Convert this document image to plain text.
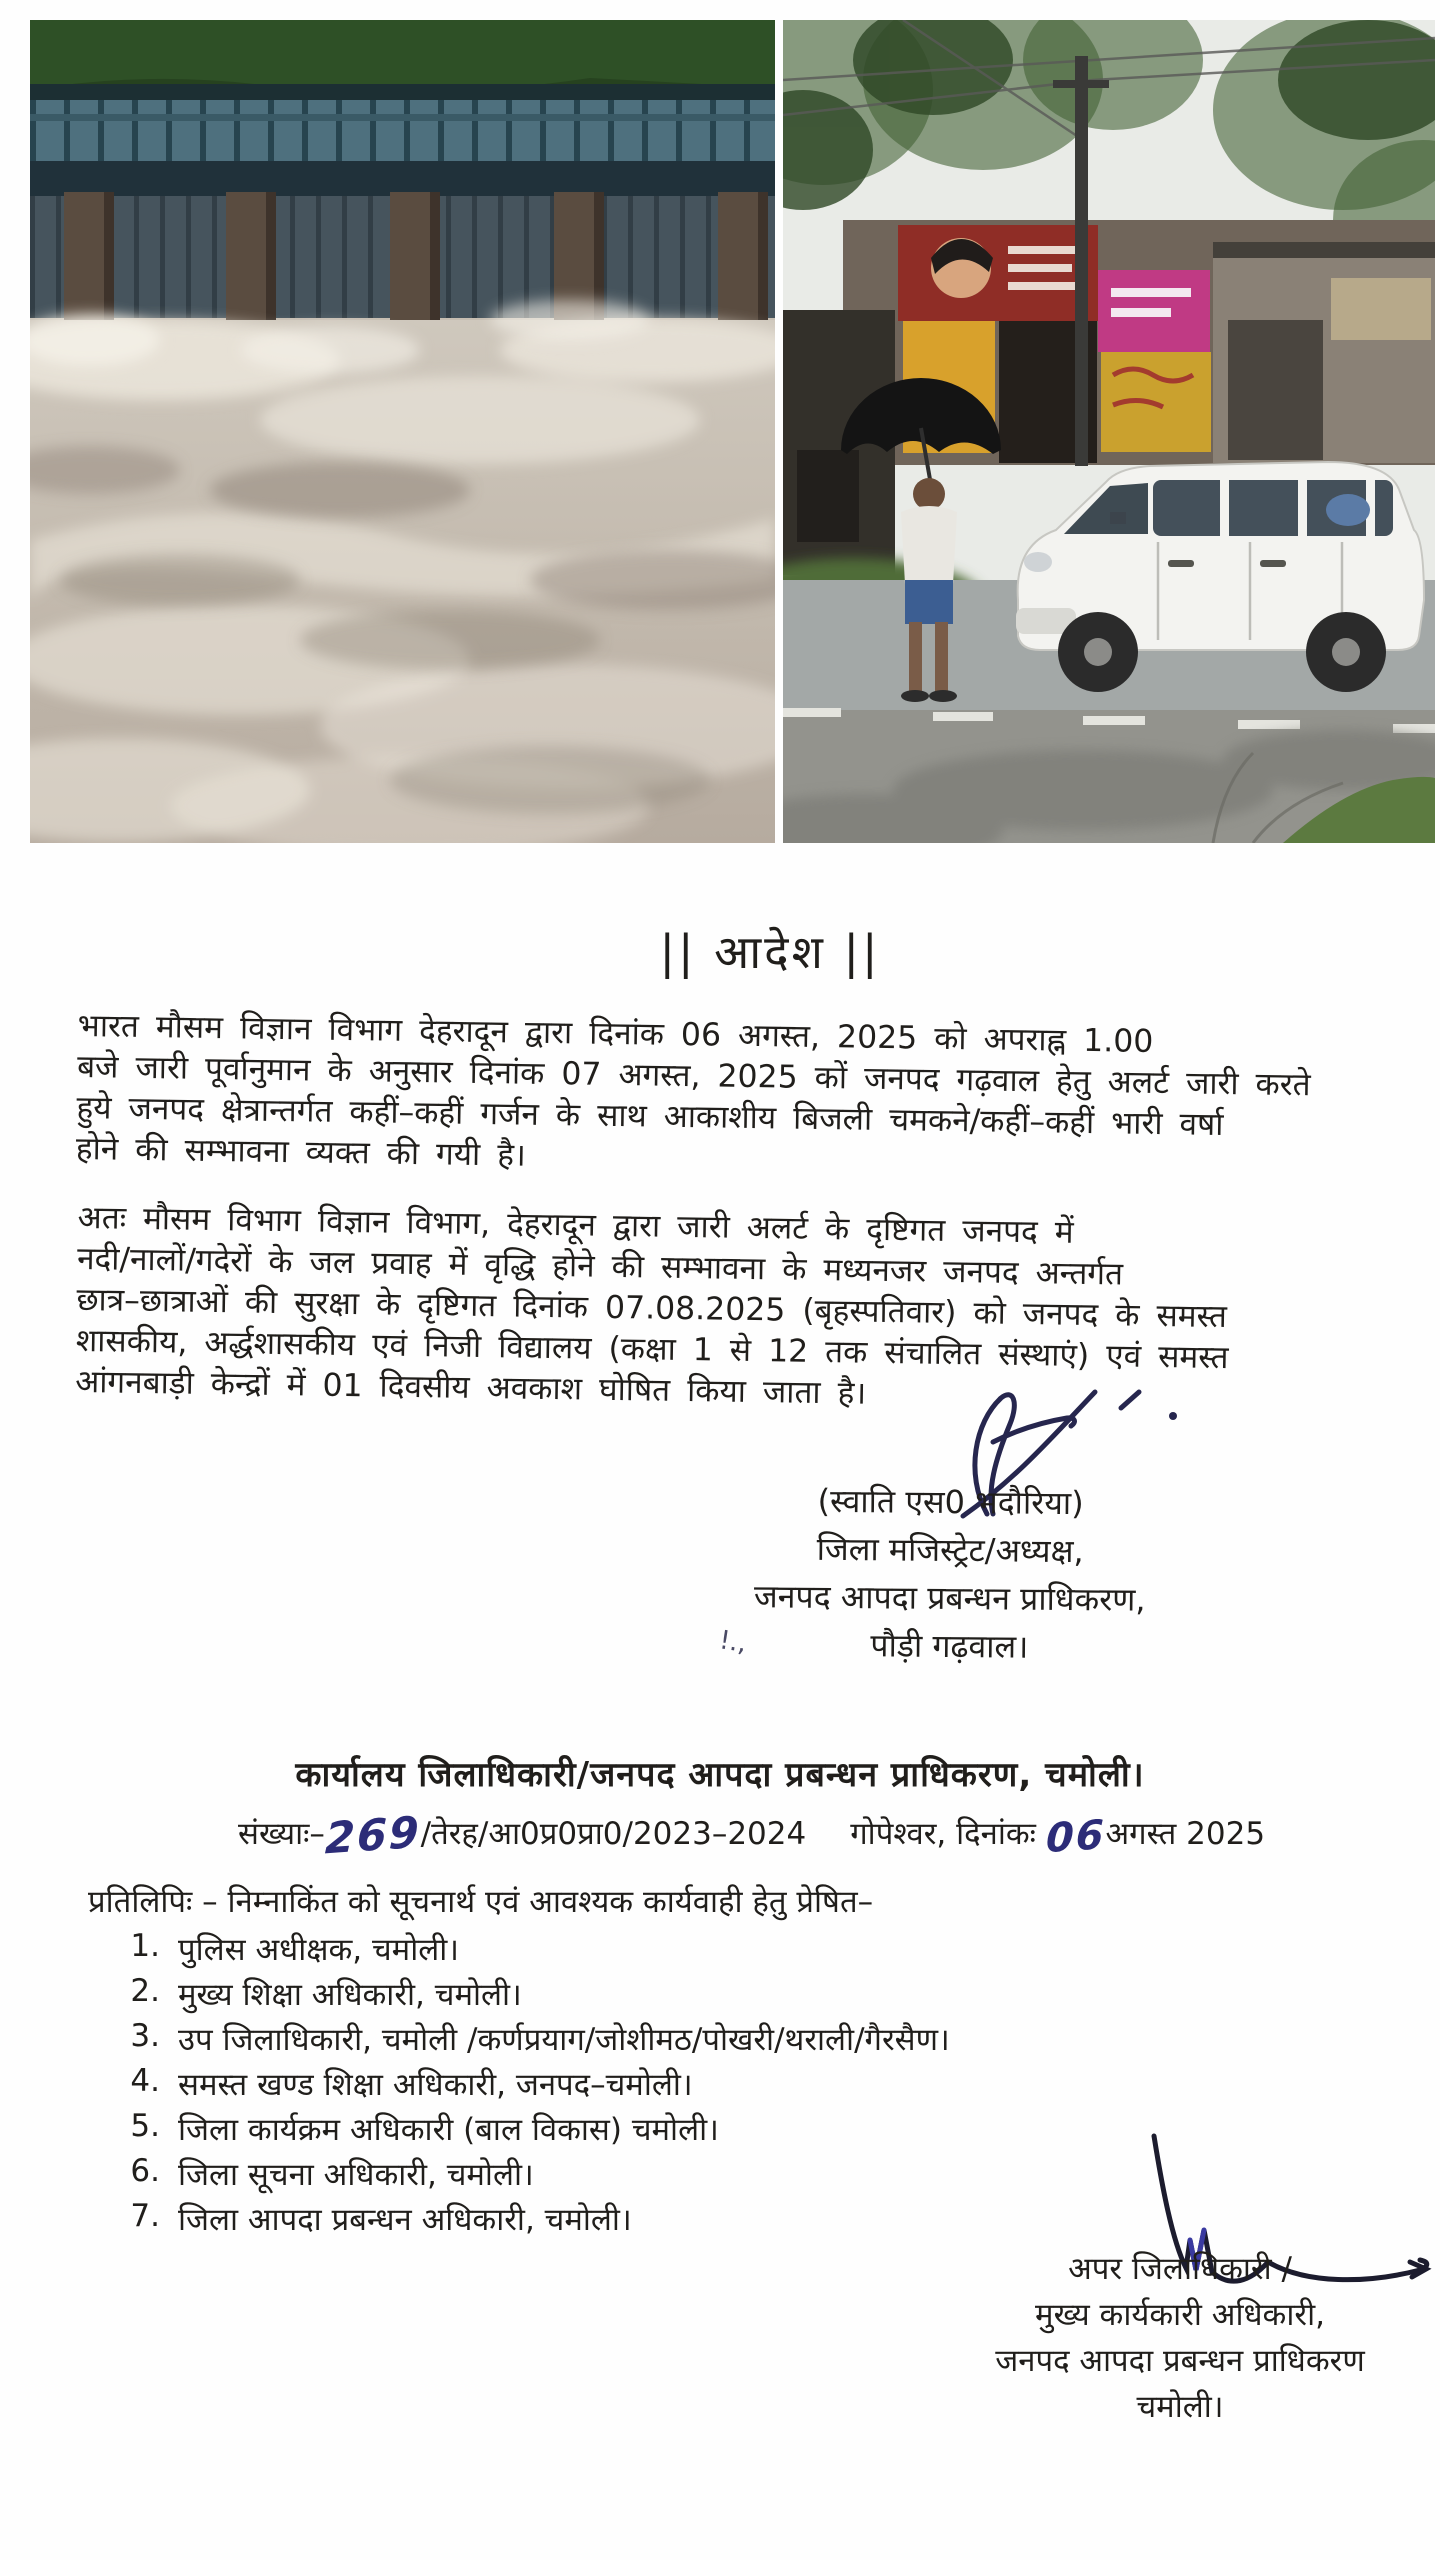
|| आदेश ||
भारत मौसम विज्ञान विभाग देहरादून द्वारा दिनांक 06 अगस्त, 2025 को अपराह्न 1.00
बजे जारी पूर्वानुमान के अनुसार दिनांक 07 अगस्त, 2025 कों जनपद गढ़वाल हेतु अलर्ट जारी करते
हुये जनपद क्षेत्रान्तर्गत कहीं–कहीं गर्जन के साथ आकाशीय बिजली चमकने/कहीं–कहीं भारी वर्षा
होने की सम्भावना व्यक्त की गयी है।
अतः मौसम विभाग विज्ञान विभाग, देहरादून द्वारा जारी अलर्ट के दृष्टिगत जनपद में
नदी/नालों/गदेरों के जल प्रवाह में वृद्धि होने की सम्भावना के मध्यनजर जनपद अन्तर्गत
छात्र–छात्राओं की सुरक्षा के दृष्टिगत दिनांक 07.08.2025 (बृहस्पतिवार) को जनपद के समस्त
शासकीय, अर्द्धशासकीय एवं निजी विद्यालय (कक्षा 1 से 12 तक संचालित संस्थाएं) एवं समस्त
आंगनबाड़ी केन्द्रों में 01 दिवसीय अवकाश घोषित किया जाता है।
(स्वाति एस0 भदौरिया)
जिला मजिस्ट्रेट/अध्यक्ष,
जनपद आपदा प्रबन्धन प्राधिकरण,
पौड़ी गढ़वाल।
!.,
कार्यालय जिलाधिकारी/जनपद आपदा प्रबन्धन प्राधिकरण, चमोली।
संख्याः–269/तेरह/आ0प्र0प्रा0/2023–2024 गोपेश्वर, दिनांकः 06अगस्त 2025
प्रतिलिपिः – निम्नाकिंत को सूचनार्थ एवं आवश्यक कार्यवाही हेतु प्रेषित–
1. पुलिस अधीक्षक, चमोली।
2. मुख्य शिक्षा अधिकारी, चमोली।
3. उप जिलाधिकारी, चमोली /कर्णप्रयाग/जोशीमठ/पोखरी/थराली/गैरसैण।
4. समस्त खण्ड शिक्षा अधिकारी, जनपद–चमोली।
5. जिला कार्यक्रम अधिकारी (बाल विकास) चमोली।
6. जिला सूचना अधिकारी, चमोली।
7. जिला आपदा प्रबन्धन अधिकारी, चमोली।
अपर जिलाधिकारी /
मुख्य कार्यकारी अधिकारी,
जनपद आपदा प्रबन्धन प्राधिकरण
चमोली।
